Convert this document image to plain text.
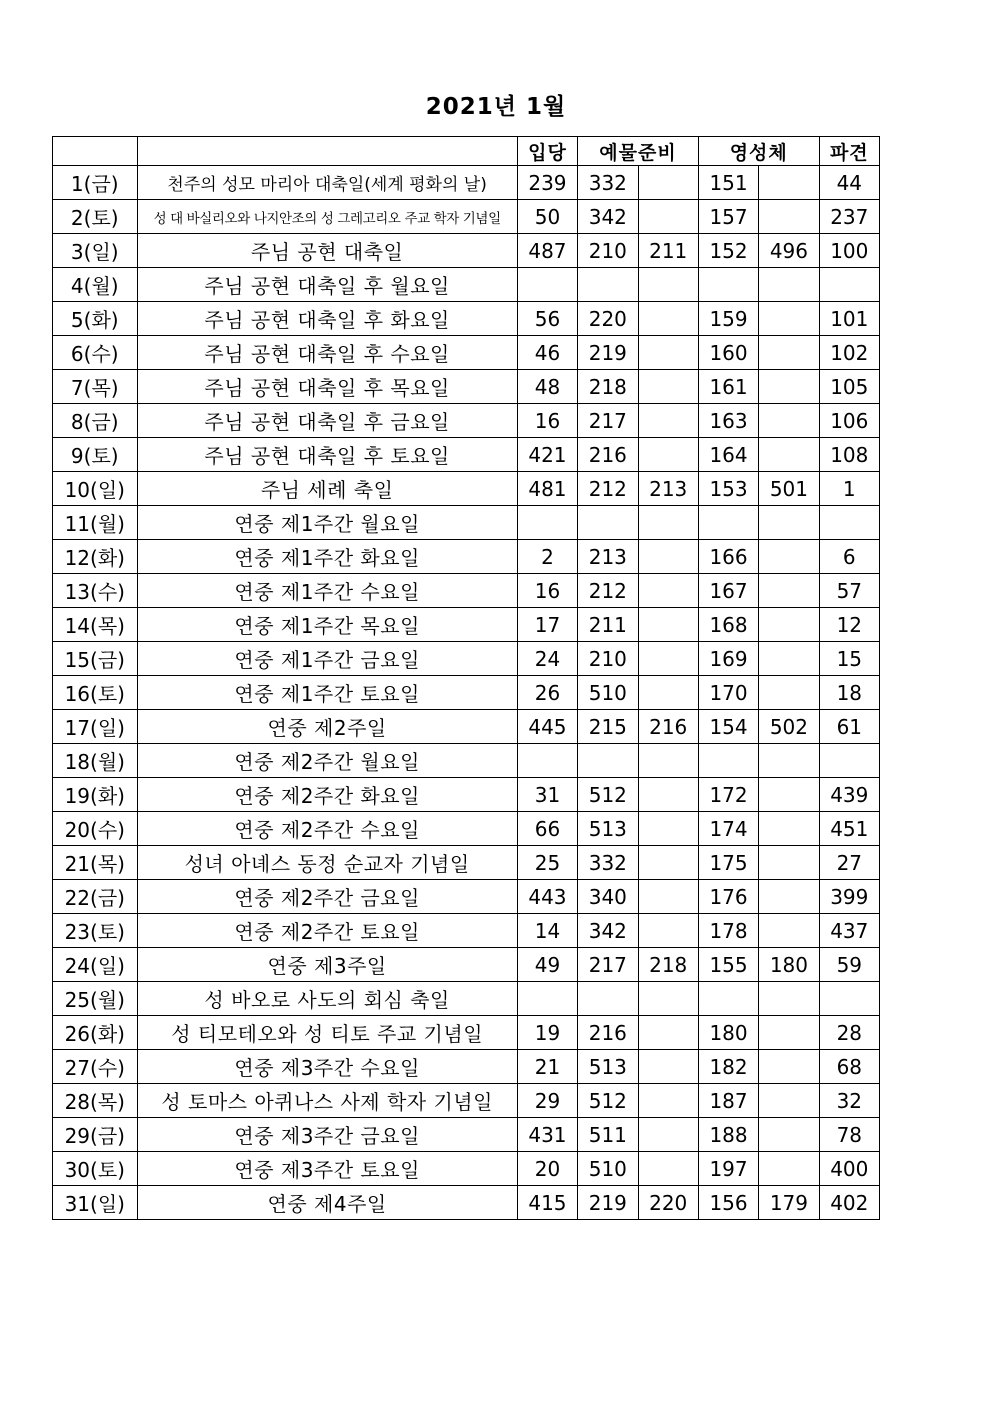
2021년 1월
		입당	예물준비		영성체		파견
1(금)	천주의 성모 마리아 대축일(세계 평화의 날)	239	332		151		44
2(토)	성 대 바실리오와 나지안조의 성 그레고리오 주교 학자 기념일	50	342		157		237
3(일)	주님 공현 대축일	487	210	211	152	496	100
4(월)	주님 공현 대축일 후 월요일						
5(화)	주님 공현 대축일 후 화요일	56	220		159		101
6(수)	주님 공현 대축일 후 수요일	46	219		160		102
7(목)	주님 공현 대축일 후 목요일	48	218		161		105
8(금)	주님 공현 대축일 후 금요일	16	217		163		106
9(토)	주님 공현 대축일 후 토요일	421	216		164		108
10(일)	주님 세례 축일	481	212	213	153	501	1
11(월)	연중 제1주간 월요일						
12(화)	연중 제1주간 화요일	2	213		166		6
13(수)	연중 제1주간 수요일	16	212		167		57
14(목)	연중 제1주간 목요일	17	211		168		12
15(금)	연중 제1주간 금요일	24	210		169		15
16(토)	연중 제1주간 토요일	26	510		170		18
17(일)	연중 제2주일	445	215	216	154	502	61
18(월)	연중 제2주간 월요일						
19(화)	연중 제2주간 화요일	31	512		172		439
20(수)	연중 제2주간 수요일	66	513		174		451
21(목)	성녀 아녜스 동정 순교자 기념일	25	332		175		27
22(금)	연중 제2주간 금요일	443	340		176		399
23(토)	연중 제2주간 토요일	14	342		178		437
24(일)	연중 제3주일	49	217	218	155	180	59
25(월)	성 바오로 사도의 회심 축일						
26(화)	성 티모테오와 성 티토 주교 기념일	19	216		180		28
27(수)	연중 제3주간 수요일	21	513		182		68
28(목)	성 토마스 아퀴나스 사제 학자 기념일	29	512		187		32
29(금)	연중 제3주간 금요일	431	511		188		78
30(토)	연중 제3주간 토요일	20	510		197		400
31(일)	연중 제4주일	415	219	220	156	179	402
